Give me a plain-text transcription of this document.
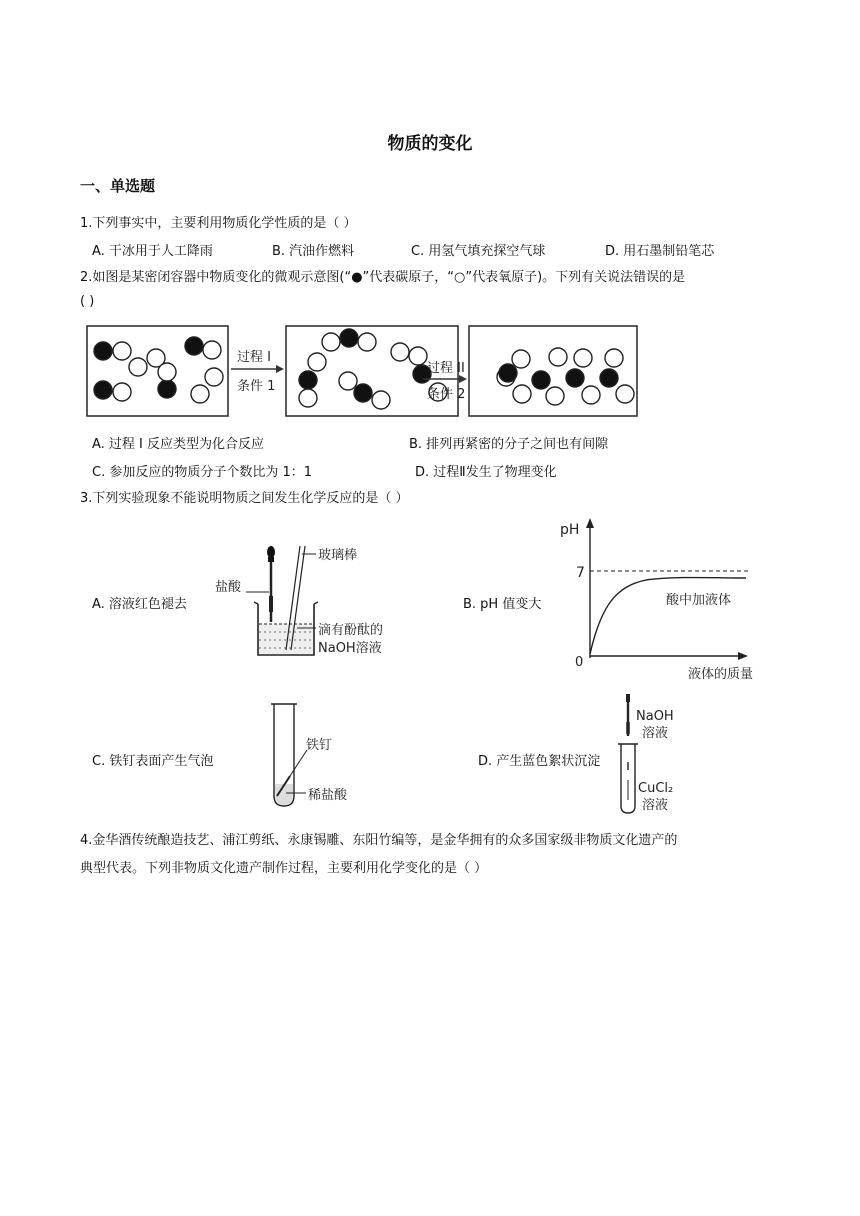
物质的变化
一、单选题
1.下列事实中，主要利用物质化学性质的是（ ）
A. 干冰用于人工降雨	B. 汽油作燃料	C. 用氢气填充探空气球	D. 用石墨制铅笔芯
2.如图是某密闭容器中物质变化的微观示意图(“●”代表碳原子，“○”代表氧原子)。下列有关说法错误的是
( )
过程 I
条件 1
过程 II
条件 2
A. 过程 I 反应类型为化合反应	B. 排列再紧密的分子之间也有间隙
C. 参加反应的物质分子个数比为 1：1	D. 过程Ⅱ发生了物理变化
3.下列实验现象不能说明物质之间发生化学反应的是（ ）
A. 溶液红色褪去	B. pH 值变大
C. 铁钉表面产生气泡	D. 产生蓝色絮状沉淀
玻璃棒
盐酸
滴有酚酞的
NaOH溶液
pH
7
0
酸中加液体
液体的质量
铁钉
稀盐酸
NaOH
溶液
CuCl₂
溶液
4.金华酒传统酿造技艺、浦江剪纸、永康锡雕、东阳竹编等，是金华拥有的众多国家级非物质文化遗产的
典型代表。下列非物质文化遗产制作过程，主要利用化学变化的是（ ）
